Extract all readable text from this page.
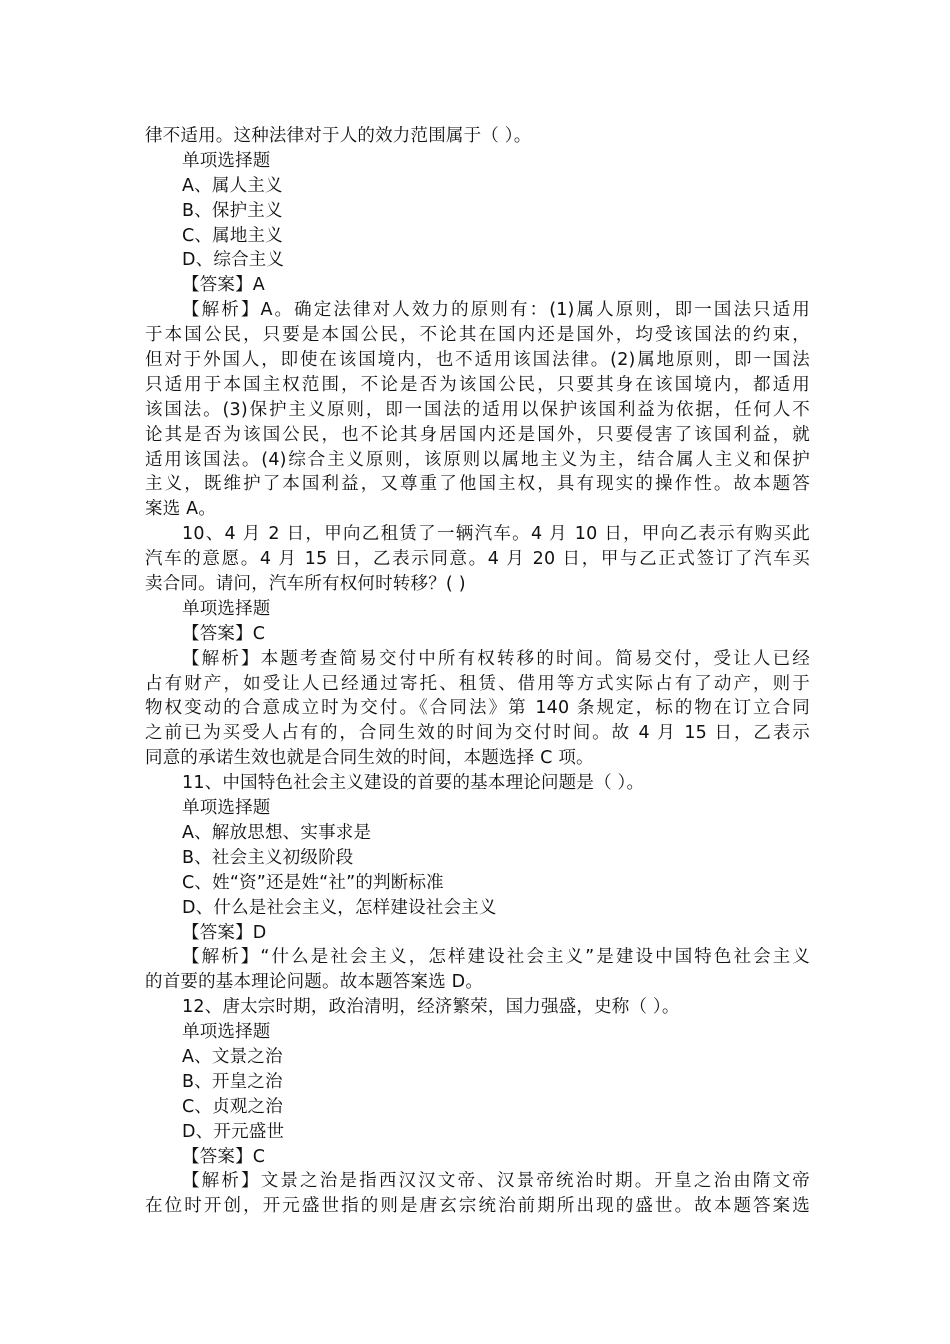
律不适用。这种法律对于人的效力范围属于（ ）。
单项选择题
A、属人主义
B、保护主义
C、属地主义
D、综合主义
【答案】A
【解析】A。确定法律对人效力的原则有：(1)属人原则，即一国法只适用
于本国公民，只要是本国公民，不论其在国内还是国外，均受该国法的约束，
但对于外国人，即使在该国境内，也不适用该国法律。(2)属地原则，即一国法
只适用于本国主权范围，不论是否为该国公民，只要其身在该国境内，都适用
该国法。(3)保护主义原则，即一国法的适用以保护该国利益为依据，任何人不
论其是否为该国公民，也不论其身居国内还是国外，只要侵害了该国利益，就
适用该国法。(4)综合主义原则，该原则以属地主义为主，结合属人主义和保护
主义，既维护了本国利益，又尊重了他国主权，具有现实的操作性。故本题答
案选 A。
10、4 月 2 日，甲向乙租赁了一辆汽车。4 月 10 日，甲向乙表示有购买此
汽车的意愿。4 月 15 日，乙表示同意。4 月 20 日，甲与乙正式签订了汽车买
卖合同。请问，汽车所有权何时转移？( )
单项选择题
【答案】C
【解析】本题考查简易交付中所有权转移的时间。简易交付，受让人已经
占有财产，如受让人已经通过寄托、租赁、借用等方式实际占有了动产，则于
物权变动的合意成立时为交付。《合同法》第 140 条规定，标的物在订立合同
之前已为买受人占有的，合同生效的时间为交付时间。故 4 月 15 日，乙表示
同意的承诺生效也就是合同生效的时间，本题选择 C 项。
11、中国特色社会主义建设的首要的基本理论问题是（ ）。
单项选择题
A、解放思想、实事求是
B、社会主义初级阶段
C、姓“资”还是姓“社”的判断标准
D、什么是社会主义，怎样建设社会主义
【答案】D
【解析】“什么是社会主义，怎样建设社会主义”是建设中国特色社会主义
的首要的基本理论问题。故本题答案选 D。
12、唐太宗时期，政治清明，经济繁荣，国力强盛，史称（ ）。
单项选择题
A、文景之治
B、开皇之治
C、贞观之治
D、开元盛世
【答案】C
【解析】文景之治是指西汉汉文帝、汉景帝统治时期。开皇之治由隋文帝
在位时开创，开元盛世指的则是唐玄宗统治前期所出现的盛世。故本题答案选
